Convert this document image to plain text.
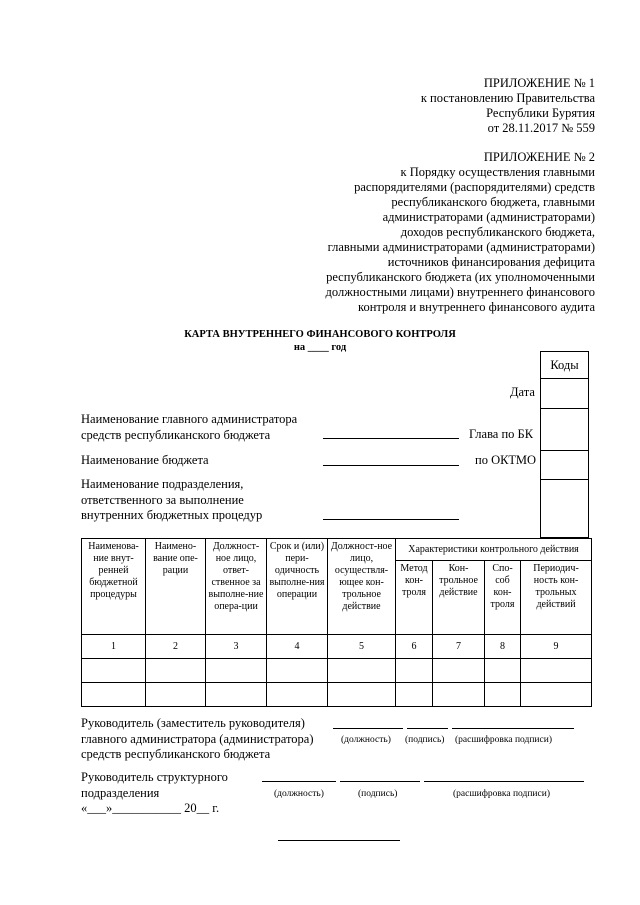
ПРИЛОЖЕНИЕ № 1
к постановлению Правительства
Республики Бурятия
от 28.11.2017 № 559
ПРИЛОЖЕНИЕ № 2
к Порядку осуществления главными
распорядителями (распорядителями) средств
республиканского бюджета, главными
администраторами (администраторами)
доходов республиканского бюджета,
главными администраторами (администраторами)
источников финансирования дефицита
республиканского бюджета (их уполномоченными
должностными лицами) внутреннего финансового
контроля и внутреннего финансового аудита
КАРТА ВНУТРЕННЕГО ФИНАНСОВОГО КОНТРОЛЯ
на ____ год
Коды

Дата
Наименование главного администратора
средств республиканского бюджета	Глава по БК
Наименование бюджета	по ОКТМО
Наименование подразделения,
ответственного за выполнение
внутренних бюджетных процедур
Наименова-ние внут-ренней бюджетной процедуры	Наимено-вание опе-рации	Должност-ное лицо, ответ-ственное за выполне-ние опера-ции	Срок и (или) пери-одичность выполне-ния операции	Должност-ное лицо, осуществля-ющее кон-трольное действие	Характеристики контрольного действия			
					Метод кон-троля	Кон-трольное действие	Спо-соб кон-троля	Периодич-ность кон-трольных действий
1	2	3	4	5	6	7	8	9

Руководитель (заместитель руководителя)
главного администратора (администратора)
средств республиканского бюджета
(должность) (подпись) (расшифровка подписи)
Руководитель структурного
подразделения
«___»___________ 20__ г.
(должность)	(подпись)	(расшифровка подписи)
